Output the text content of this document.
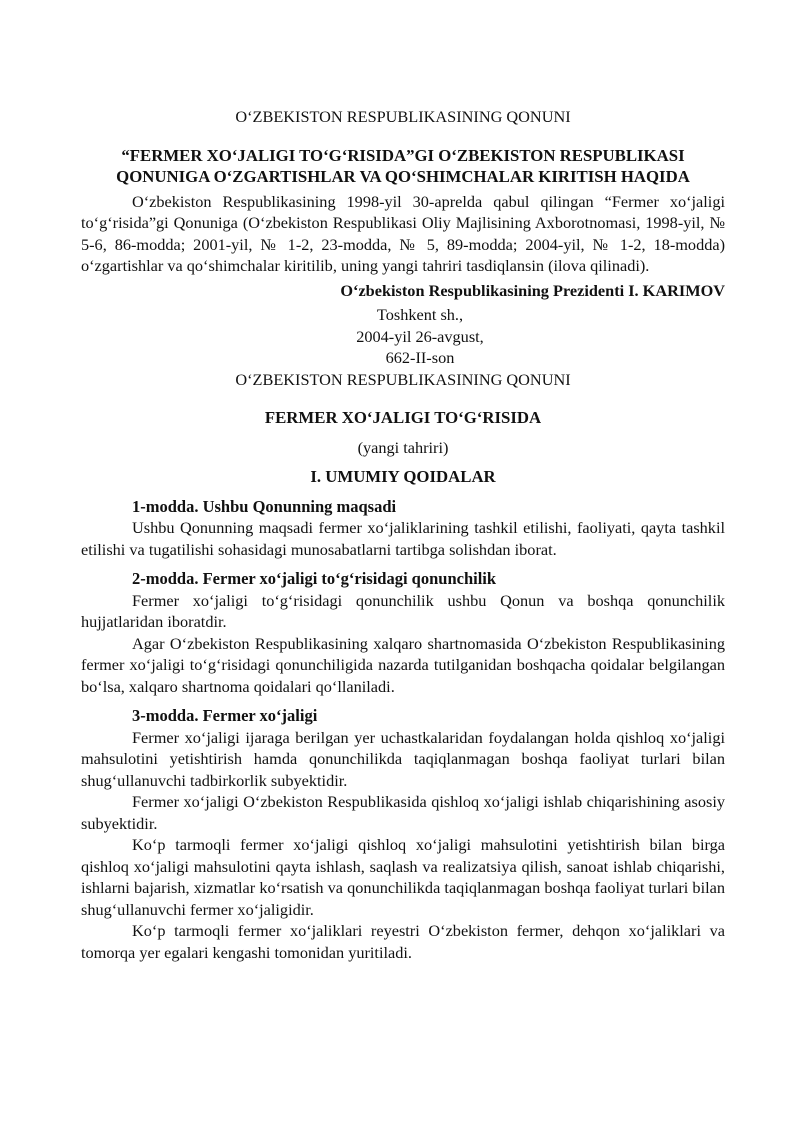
O‘ZBEKISTON RESPUBLIKASINING QONUNI

“FERMER XO‘JALIGI TO‘G‘RISIDA”GI O‘ZBEKISTON RESPUBLIKASI QONUNIGA O‘ZGARTISHLAR VA QO‘SHIMCHALAR KIRITISH HAQIDA

O‘zbekiston Respublikasining 1998-yil 30-aprelda qabul qilingan “Fermer xo‘jaligi to‘g‘risida”gi Qonuniga (O‘zbekiston Respublikasi Oliy Majlisining Axborotnomasi, 1998-yil, № 5-6, 86-modda; 2001-yil, № 1-2, 23-modda, № 5, 89-modda; 2004-yil, № 1-2, 18-modda) o‘zgartishlar va qo‘shimchalar kiritilib, uning yangi tahriri tasdiqlansin (ilova qilinadi).

O‘zbekiston Respublikasining Prezidenti I. KARIMOV

Toshkent sh.,

2004-yil 26-avgust,

662-II-son

O‘ZBEKISTON RESPUBLIKASINING QONUNI

FERMER XO‘JALIGI TO‘G‘RISIDA

(yangi tahriri)

I. UMUMIY QOIDALAR

1-modda. Ushbu Qonunning maqsadi

Ushbu Qonunning maqsadi fermer xo‘jaliklarining tashkil etilishi, faoliyati, qayta tashkil etilishi va tugatilishi sohasidagi munosabatlarni tartibga solishdan iborat.

2-modda. Fermer xo‘jaligi to‘g‘risidagi qonunchilik

Fermer xo‘jaligi to‘g‘risidagi qonunchilik ushbu Qonun va boshqa qonunchilik hujjatlaridan iboratdir.

Agar O‘zbekiston Respublikasining xalqaro shartnomasida O‘zbekiston Respublikasining fermer xo‘jaligi to‘g‘risidagi qonunchiligida nazarda tutilganidan boshqacha qoidalar belgilangan bo‘lsa, xalqaro shartnoma qoidalari qo‘llaniladi.

3-modda. Fermer xo‘jaligi

Fermer xo‘jaligi ijaraga berilgan yer uchastkalaridan foydalangan holda qishloq xo‘jaligi mahsulotini yetishtirish hamda qonunchilikda taqiqlanmagan boshqa faoliyat turlari bilan shug‘ullanuvchi tadbirkorlik subyektidir.

Fermer xo‘jaligi O‘zbekiston Respublikasida qishloq xo‘jaligi ishlab chiqarishining asosiy subyektidir.

Ko‘p tarmoqli fermer xo‘jaligi qishloq xo‘jaligi mahsulotini yetishtirish bilan birga qishloq xo‘jaligi mahsulotini qayta ishlash, saqlash va realizatsiya qilish, sanoat ishlab chiqarishi, ishlarni bajarish, xizmatlar ko‘rsatish va qonunchilikda taqiqlanmagan boshqa faoliyat turlari bilan shug‘ullanuvchi fermer xo‘jaligidir.

Ko‘p tarmoqli fermer xo‘jaliklari reyestri O‘zbekiston fermer, dehqon xo‘jaliklari va tomorqa yer egalari kengashi tomonidan yuritiladi.
